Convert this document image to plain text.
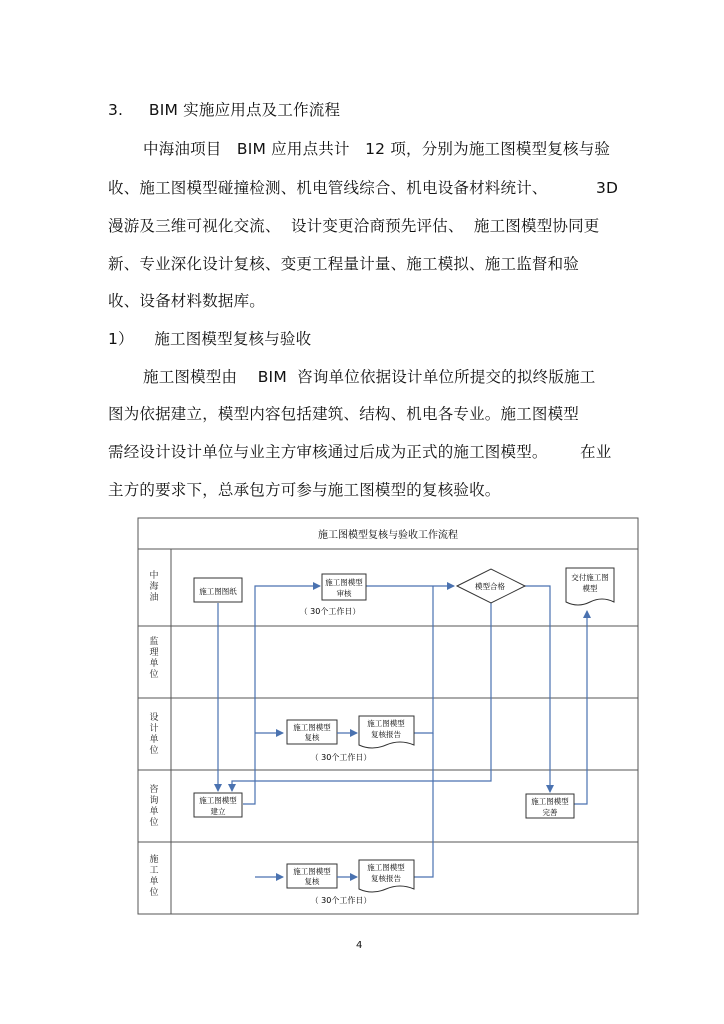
3. BIM 实施应用点及工作流程
中海油项目   BIM 应用点共计   12 项，分别为施工图模型复核与验
收、施工图模型碰撞检测、机电管线综合、机电设备材料统计、	3D
漫游及三维可视化交流、  设计变更洽商预先评估、  施工图模型协同更
新、专业深化设计复核、变更工程量计量、施工模拟、施工监督和验
收、设备材料数据库。
1） 施工图模型复核与验收
施工图模型由    BIM  咨询单位依据设计单位所提交的拟终版施工
图为依据建立，模型内容包括建筑、结构、机电各专业。施工图模型
需经设计设计单位与业主方审核通过后成为正式的施工图模型。	在业
主方的要求下，总承包方可参与施工图模型的复核验收。
施工图模型复核与验收工作流程
中海油
监理单位
设计单位
咨询单位
施工单位
施工图图纸
施工图模型
审核
（ 30个工作日）
模型合格
交付施工图
模型
施工图模型
复核
施工图模型
复核报告
（ 30个工作日）
施工图模型
建立
施工图模型
完善
施工图模型
复核
施工图模型
复核报告
（ 30个工作日）
4
